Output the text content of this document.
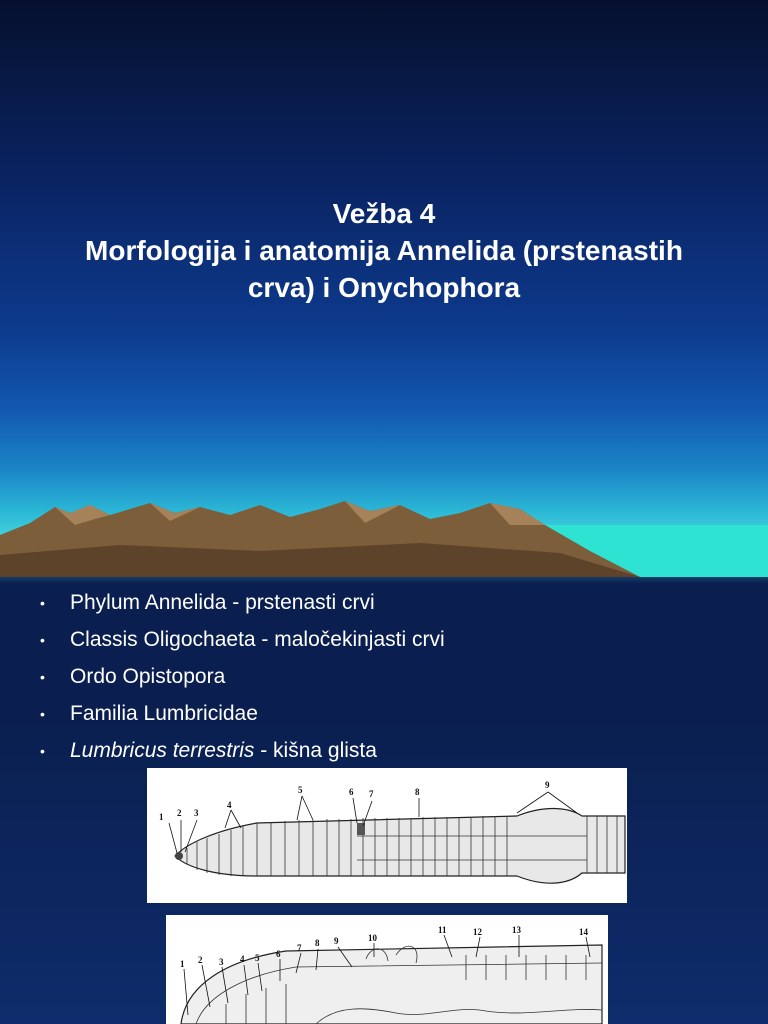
Vežba 4
Morfologija i anatomija Annelida (prstenastih
crva) i Onychophora
•	Phylum Annelida - prstenasti crvi
•	Classis Oligochaeta - maločekinjasti crvi
•	Ordo Opistopora
•	Familia Lumbricidae
•	Lumbricus terrestris - kišna glista
1 2 3
4
5	6 7	8
9
1 2 3 4 5 6
7 8 9	10
11	12	13	14
